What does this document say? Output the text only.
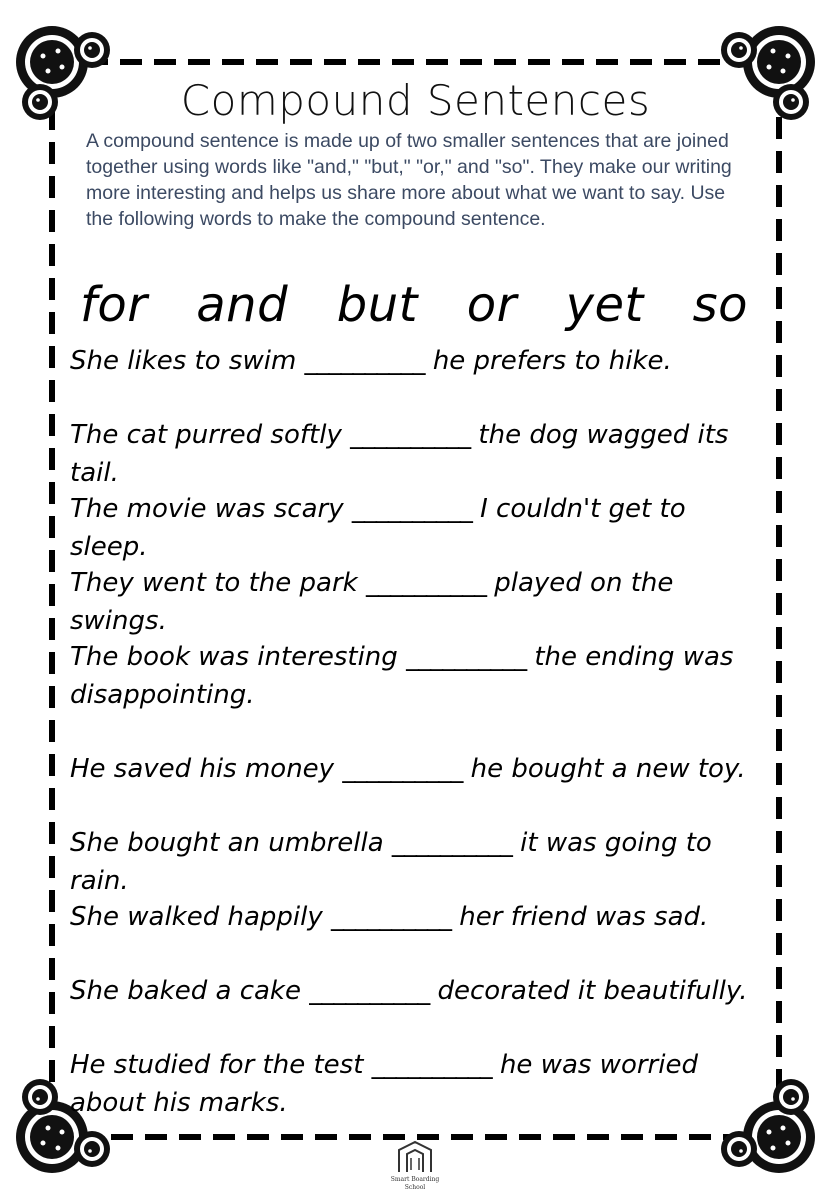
Compound Sentences

A compound sentence is made up of two smaller sentences that are joined together using words like "and," "but," "or," and "so". They make our writing more interesting and helps us share more about what we want to say. Use the following words to make the compound sentence.

for and but or yet so

She likes to swim __________ he prefers to hike.

The cat purred softly __________ the dog wagged its tail.

The movie was scary __________ I couldn't get to sleep.

They went to the park __________ played on the swings.

The book was interesting __________ the ending was disappointing.

He saved his money __________ he bought a new toy.

She bought an umbrella __________ it was going to rain.

She walked happily __________ her friend was sad.

She baked a cake __________ decorated it beautifully.

He studied for the test __________ he was worried about his marks.

Smart Boarding
School
